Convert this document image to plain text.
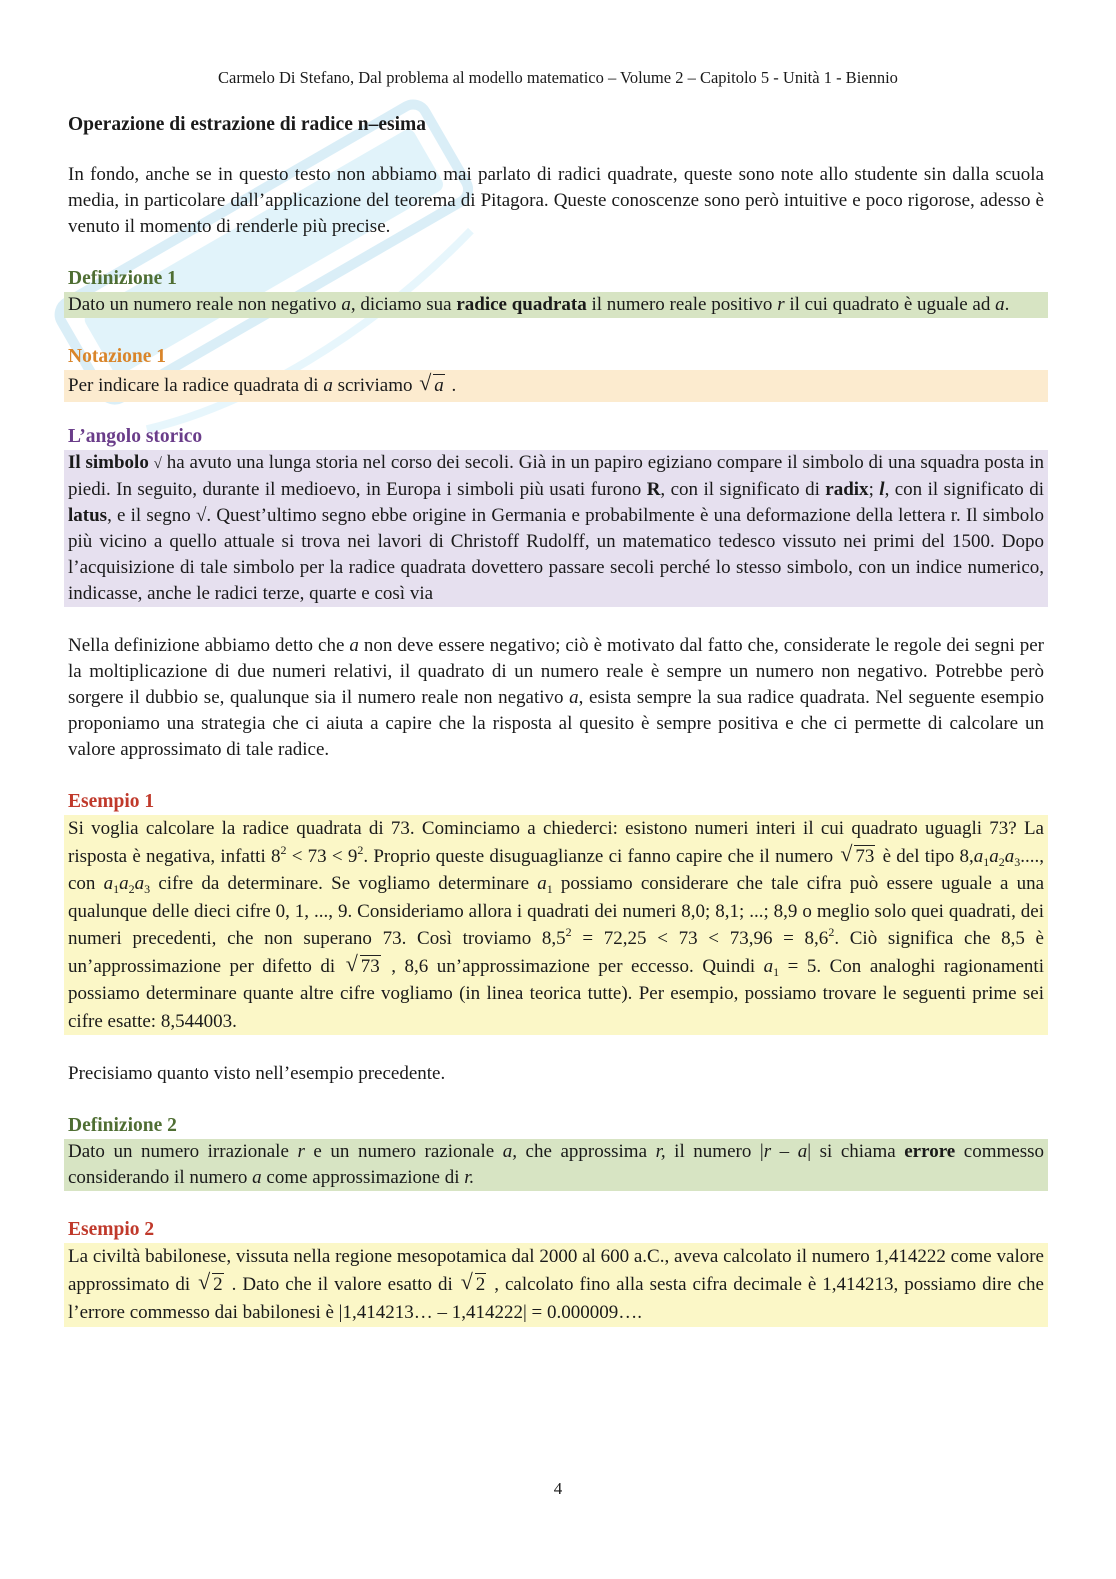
Carmelo Di Stefano, Dal problema al modello matematico – Volume 2 – Capitolo 5 - Unità 1 - Biennio
Operazione di estrazione di radice n–esima

In fondo, anche se in questo testo non abbiamo mai parlato di radici quadrate, queste sono note allo studente sin dalla scuola media, in particolare dall’applicazione del teorema di Pitagora. Queste conoscenze sono però intuitive e poco rigorose, adesso è venuto il momento di renderle più precise.

Definizione 1
Dato un numero reale non negativo a, diciamo sua radice quadrata il numero reale positivo r il cui quadrato è uguale ad a.
Notazione 1
Per indicare la radice quadrata di a scriviamo √ a .
L’angolo storico
Il simbolo √ ha avuto una lunga storia nel corso dei secoli. Già in un papiro egiziano compare il simbolo di una squadra posta in piedi. In seguito, durante il medioevo, in Europa i simboli più usati furono R, con il significato di radix; l, con il significato di latus, e il segno √. Quest’ultimo segno ebbe origine in Germania e probabilmente è una deformazione della lettera r. Il simbolo più vicino a quello attuale si trova nei lavori di Christoff Rudolff, un matematico tedesco vissuto nei primi del 1500. Dopo l’acquisizione di tale simbolo per la radice quadrata dovettero passare secoli perché lo stesso simbolo, con un indice numerico, indicasse, anche le radici terze, quarte e così via

Nella definizione abbiamo detto che a non deve essere negativo; ciò è motivato dal fatto che, considerate le regole dei segni per la moltiplicazione di due numeri relativi, il quadrato di un numero reale è sempre un numero non negativo. Potrebbe però sorgere il dubbio se, qualunque sia il numero reale non negativo a, esista sempre la sua radice quadrata. Nel seguente esempio proponiamo una strategia che ci aiuta a capire che la risposta al quesito è sempre positiva e che ci permette di calcolare un valore approssimato di tale radice.

Esempio 1
Si voglia calcolare la radice quadrata di 73. Cominciamo a chiederci: esistono numeri interi il cui quadrato uguagli 73? La risposta è negativa, infatti $8^2 < 73 < 9^2$. Proprio queste disuguaglianze ci fanno capire che il numero √ 73 è del tipo $8,a_1a_2a_3$...., con $a_1a_2a_3$ cifre da determinare. Se vogliamo determinare $a_1$ possiamo considerare che tale cifra può essere uguale a una qualunque delle dieci cifre 0, 1, ..., 9. Consideriamo allora i quadrati dei numeri 8,0; 8,1; ...; 8,9 o meglio solo quei quadrati, dei numeri precedenti, che non superano 73. Così troviamo $8,5^2 = 72,25 < 73 < 73,96 = 8,6^2$. Ciò significa che 8,5 è un’approssimazione per difetto di √ 73 , 8,6 un’approssimazione per eccesso. Quindi $a_1 = 5$. Con analoghi ragionamenti possiamo determinare quante altre cifre vogliamo (in linea teorica tutte). Per esempio, possiamo trovare le seguenti prime sei cifre esatte: 8,544003.

Precisiamo quanto visto nell’esempio precedente.

Definizione 2
Dato un numero irrazionale r e un numero razionale a, che approssima r, il numero |r – a| si chiama errore commesso considerando il numero a come approssimazione di r.
Esempio 2
La civiltà babilonese, vissuta nella regione mesopotamica dal 2000 al 600 a.C., aveva calcolato il numero 1,414222 come valore approssimato di √ 2 . Dato che il valore esatto di √ 2 , calcolato fino alla sesta cifra decimale è 1,414213, possiamo dire che l’errore commesso dai babilonesi è |1,414213… – 1,414222| = 0.000009….
4
